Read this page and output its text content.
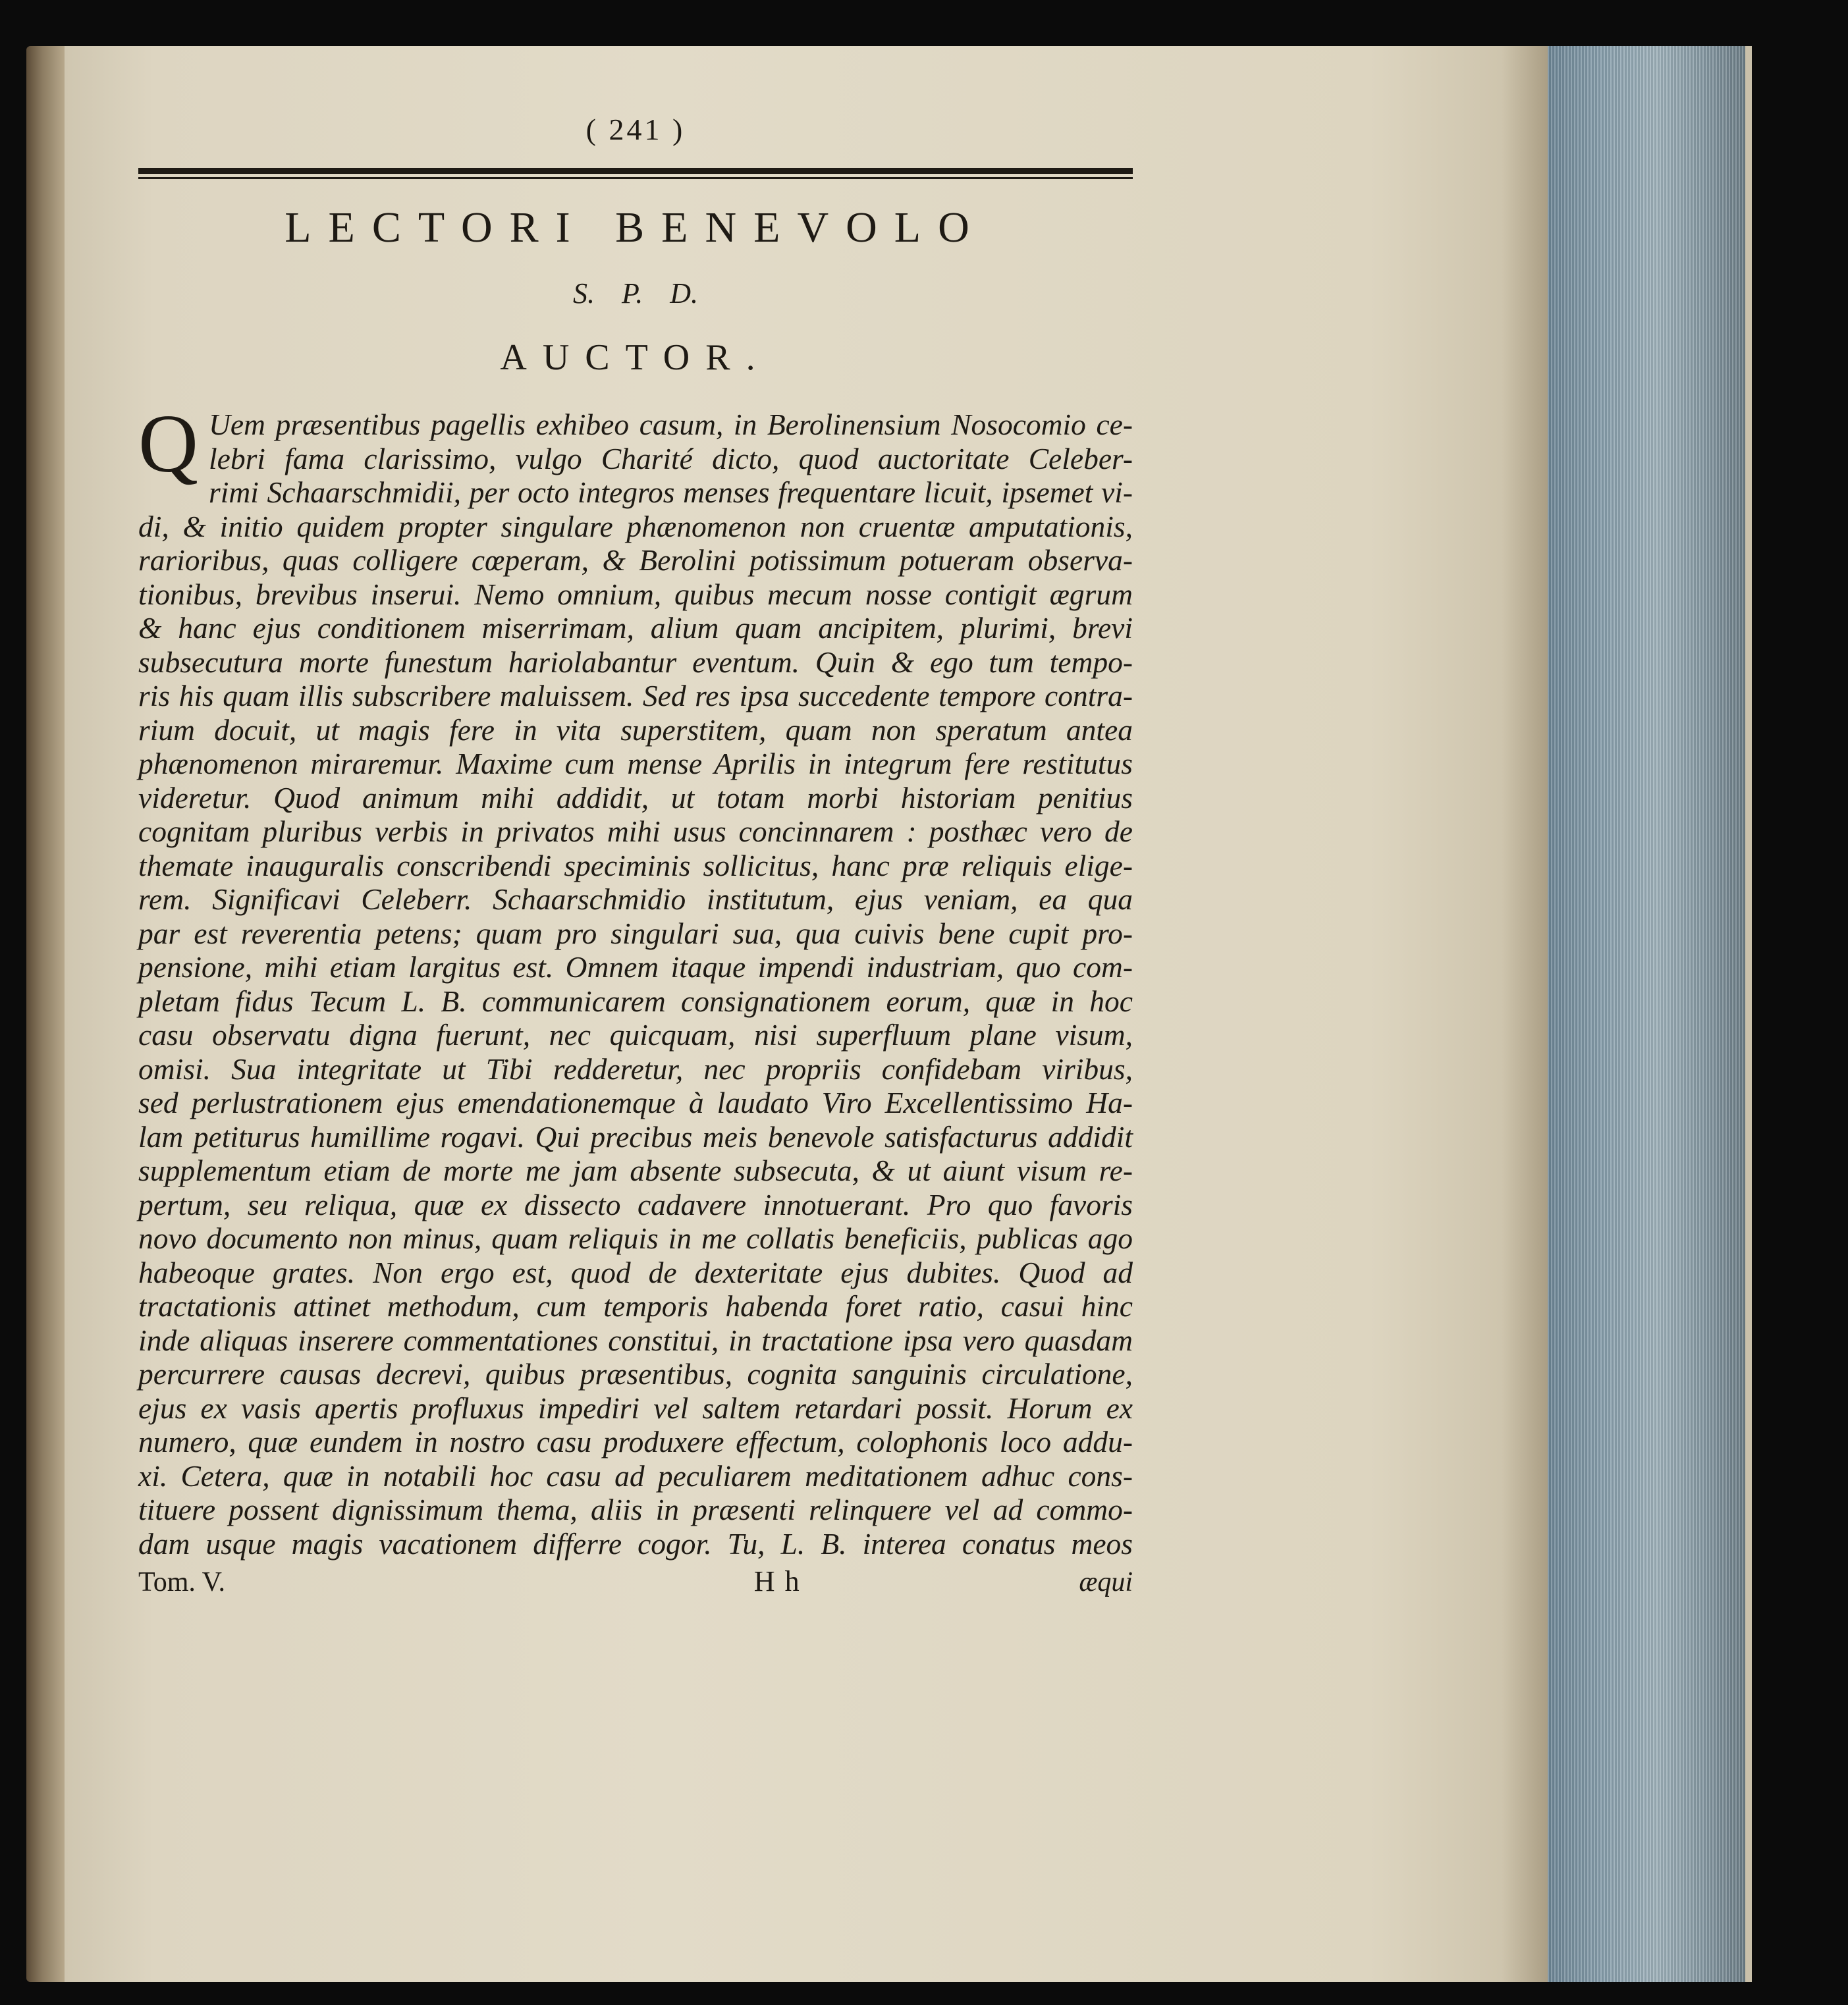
( 241 )
LECTORI BENEVOLO
S. P. D.
AUCTOR.
Q Uem præsentibus pagellis exhibeo casum, in Berolinensium Nosocomio ce-
lebri fama clarissimo, vulgo Charité dicto, quod auctoritate Celeber-
rimi Schaarschmidii, per octo integros menses frequentare licuit, ipsemet vi-
di, & initio quidem propter singulare phænomenon non cruentæ amputationis,
rarioribus, quas colligere cœperam, & Berolini potissimum potueram observa-
tionibus, brevibus inserui. Nemo omnium, quibus mecum nosse contigit ægrum
& hanc ejus conditionem miserrimam, alium quam ancipitem, plurimi, brevi
subsecutura morte funestum hariolabantur eventum. Quin & ego tum tempo-
ris his quam illis subscribere maluissem. Sed res ipsa succedente tempore contra-
rium docuit, ut magis fere in vita superstitem, quam non speratum antea
phænomenon miraremur. Maxime cum mense Aprilis in integrum fere restitutus
videretur. Quod animum mihi addidit, ut totam morbi historiam penitius
cognitam pluribus verbis in privatos mihi usus concinnarem : posthæc vero de
themate inauguralis conscribendi speciminis sollicitus, hanc præ reliquis elige-
rem. Significavi Celeberr. Schaarschmidio institutum, ejus veniam, ea qua
par est reverentia petens; quam pro singulari sua, qua cuivis bene cupit pro-
pensione, mihi etiam largitus est. Omnem itaque impendi industriam, quo com-
pletam fidus Tecum L. B. communicarem consignationem eorum, quæ in hoc
casu observatu digna fuerunt, nec quicquam, nisi superfluum plane visum,
omisi. Sua integritate ut Tibi redderetur, nec propriis confidebam viribus,
sed perlustrationem ejus emendationemque à laudato Viro Excellentissimo Ha-
lam petiturus humillime rogavi. Qui precibus meis benevole satisfacturus addidit
supplementum etiam de morte me jam absente subsecuta, & ut aiunt visum re-
pertum, seu reliqua, quæ ex dissecto cadavere innotuerant. Pro quo favoris
novo documento non minus, quam reliquis in me collatis beneficiis, publicas ago
habeoque grates. Non ergo est, quod de dexteritate ejus dubites. Quod ad
tractationis attinet methodum, cum temporis habenda foret ratio, casui hinc
inde aliquas inserere commentationes constitui, in tractatione ipsa vero quasdam
percurrere causas decrevi, quibus præsentibus, cognita sanguinis circulatione,
ejus ex vasis apertis profluxus impediri vel saltem retardari possit. Horum ex
numero, quæ eundem in nostro casu produxere effectum, colophonis loco addu-
xi. Cetera, quæ in notabili hoc casu ad peculiarem meditationem adhuc cons-
tituere possent dignissimum thema, aliis in præsenti relinquere vel ad commo-
dam usque magis vacationem differre cogor. Tu, L. B. interea conatus meos
Tom. V.	H h	æqui
